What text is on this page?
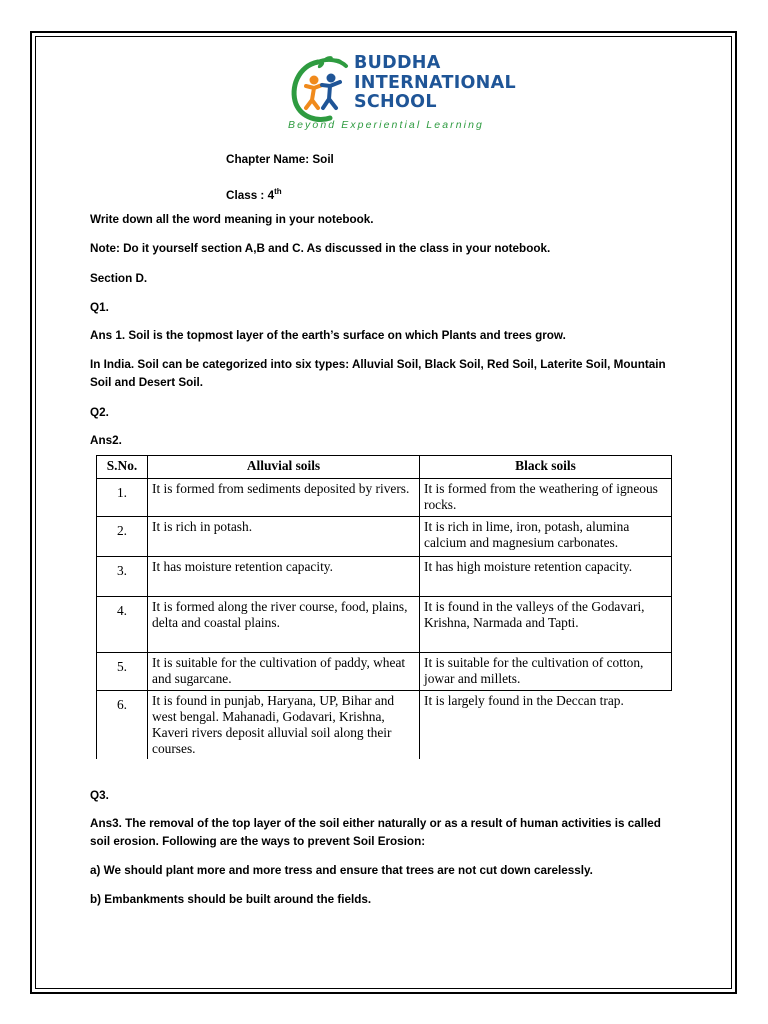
BUDDHA
INTERNATIONAL
SCHOOL
Beyond Experiential Learning
Chapter Name: Soil
Class : 4th
Write down all the word meaning in your notebook.
Note: Do it yourself section A,B and C. As discussed in the class in your notebook.
Section D.
Q1.
Ans 1. Soil is the topmost layer of the earth’s surface on which Plants and trees grow.
In India. Soil can be categorized into six types: Alluvial Soil, Black Soil, Red Soil, Laterite Soil, Mountain
Soil and Desert Soil.
Q2.
Ans2.
S.No.	Alluvial soils	Black soils
1.	It is formed from sediments deposited by rivers.	It is formed from the weathering of igneous rocks.
2.	It is rich in potash.	It is rich in lime, iron, potash, alumina calcium and magnesium carbonates.
3.	It has moisture retention capacity.	It has high moisture retention capacity.
4.	It is formed along the river course, food, plains, delta and coastal plains.	It is found in the valleys of the Godavari, Krishna, Narmada and Tapti.
5.	It is suitable for the cultivation of paddy, wheat and sugarcane.	It is suitable for the cultivation of cotton, jowar and millets.
6.	It is found in punjab, Haryana, UP, Bihar and west bengal. Mahanadi, Godavari, Krishna, Kaveri rivers deposit alluvial soil along their courses.	It is largely found in the Deccan trap.
Q3.
Ans3. The removal of the top layer of the soil either naturally or as a result of human activities is called
soil erosion. Following are the ways to prevent Soil Erosion:
a) We should plant more and more tress and ensure that trees are not cut down carelessly.
b) Embankments should be built around the fields.
